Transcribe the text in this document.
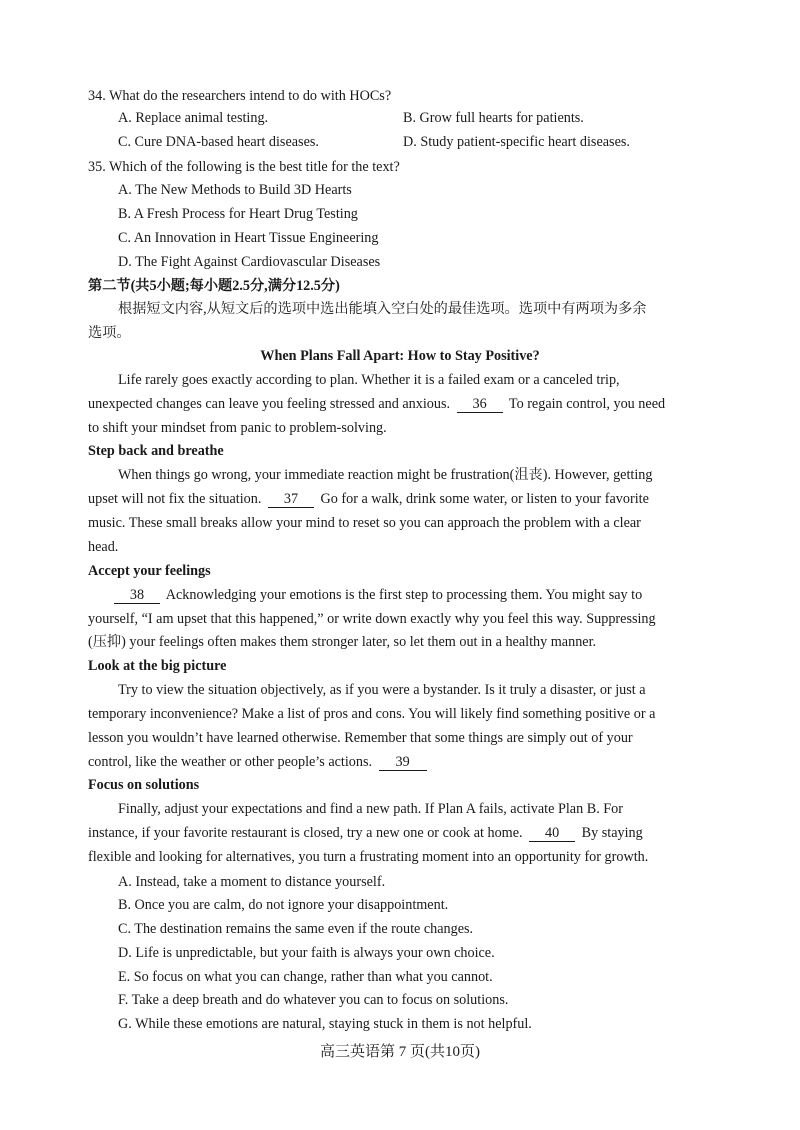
34. What do the researchers intend to do with HOCs?
A. Replace animal testing.	B. Grow full hearts for patients.
C. Cure DNA-based heart diseases.	D. Study patient-specific heart diseases.
35. Which of the following is the best title for the text?
A. The New Methods to Build 3D Hearts
B. A Fresh Process for Heart Drug Testing
C. An Innovation in Heart Tissue Engineering
D. The Fight Against Cardiovascular Diseases
第二节(共5小题;每小题2.5分,满分12.5分)
根据短文内容,从短文后的选项中选出能填入空白处的最佳选项。选项中有两项为多余
选项。
When Plans Fall Apart: How to Stay Positive?
Life rarely goes exactly according to plan. Whether it is a failed exam or a canceled trip,
unexpected changes can leave you feeling stressed and anxious. 36 To regain control, you need
to shift your mindset from panic to problem-solving.
Step back and breathe
When things go wrong, your immediate reaction might be frustration(沮丧). However, getting
upset will not fix the situation. 37 Go for a walk, drink some water, or listen to your favorite
music. These small breaks allow your mind to reset so you can approach the problem with a clear
head.
Accept your feelings
38 Acknowledging your emotions is the first step to processing them. You might say to
yourself, “I am upset that this happened,” or write down exactly why you feel this way. Suppressing
(压抑) your feelings often makes them stronger later, so let them out in a healthy manner.
Look at the big picture
Try to view the situation objectively, as if you were a bystander. Is it truly a disaster, or just a
temporary inconvenience? Make a list of pros and cons. You will likely find something positive or a
lesson you wouldn’t have learned otherwise. Remember that some things are simply out of your
control, like the weather or other people’s actions. 39
Focus on solutions
Finally, adjust your expectations and find a new path. If Plan A fails, activate Plan B. For
instance, if your favorite restaurant is closed, try a new one or cook at home. 40 By staying
flexible and looking for alternatives, you turn a frustrating moment into an opportunity for growth.
A. Instead, take a moment to distance yourself.
B. Once you are calm, do not ignore your disappointment.
C. The destination remains the same even if the route changes.
D. Life is unpredictable, but your faith is always your own choice.
E. So focus on what you can change, rather than what you cannot.
F. Take a deep breath and do whatever you can to focus on solutions.
G. While these emotions are natural, staying stuck in them is not helpful.
高三英语第 7 页(共10页)
